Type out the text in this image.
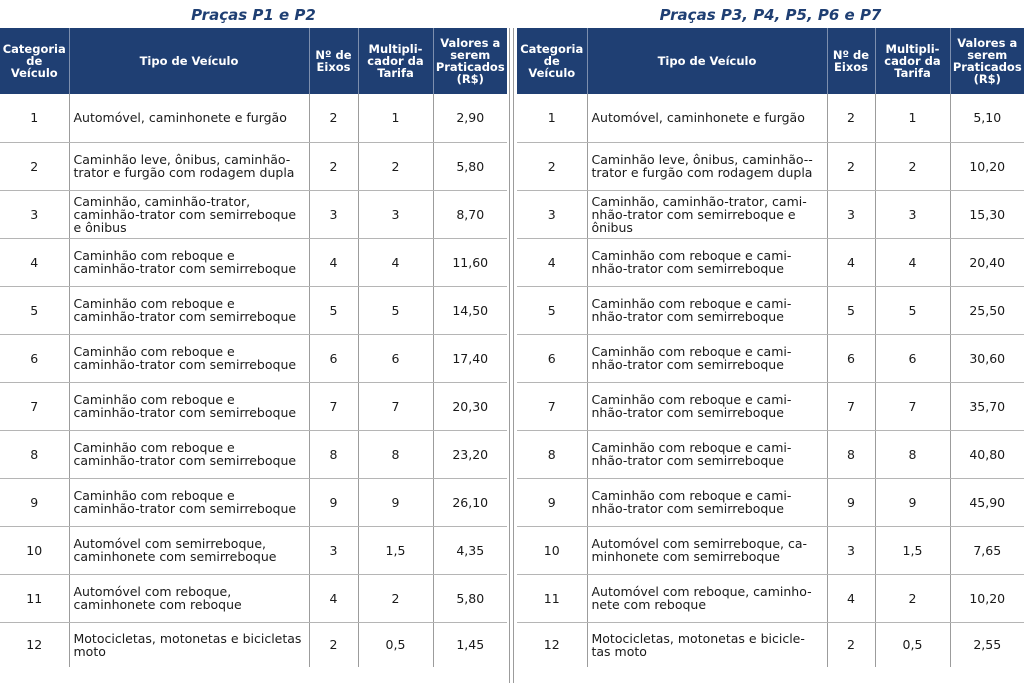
Praças P1 e P2
Categoria de Veículo	Tipo de Veículo	Nº de Eixos	Multipli-cador da Tarifa	Valores a serem Praticados (R$)
1	Automóvel, caminhonete e furgão	2	1	2,90
2	Caminhão leve, ônibus, caminhão-trator e furgão com rodagem dupla	2	2	5,80
3	Caminhão, caminhão-trator, caminhão-trator com semirreboque e ônibus	3	3	8,70
4	Caminhão com reboque e caminhão-trator com semirreboque	4	4	11,60
5	Caminhão com reboque e caminhão-trator com semirreboque	5	5	14,50
6	Caminhão com reboque e caminhão-trator com semirreboque	6	6	17,40
7	Caminhão com reboque e caminhão-trator com semirreboque	7	7	20,30
8	Caminhão com reboque e caminhão-trator com semirreboque	8	8	23,20
9	Caminhão com reboque e caminhão-trator com semirreboque	9	9	26,10
10	Automóvel com semirreboque, caminhonete com semirreboque	3	1,5	4,35
11	Automóvel com reboque, caminhonete com reboque	4	2	5,80
12	Motocicletas, motonetas e bicicletas moto	2	0,5	1,45
Praças P3, P4, P5, P6 e P7
Categoria de Veículo	Tipo de Veículo	Nº de Eixos	Multipli-cador da Tarifa	Valores a serem Praticados (R$)
1	Automóvel, caminhonete e furgão	2	1	5,10
2	Caminhão leve, ônibus, caminhão--trator e furgão com rodagem dupla	2	2	10,20
3	Caminhão, caminhão-trator, cami-nhão-trator com semirreboque e ônibus	3	3	15,30
4	Caminhão com reboque e cami-nhão-trator com semirreboque	4	4	20,40
5	Caminhão com reboque e cami-nhão-trator com semirreboque	5	5	25,50
6	Caminhão com reboque e cami-nhão-trator com semirreboque	6	6	30,60
7	Caminhão com reboque e cami-nhão-trator com semirreboque	7	7	35,70
8	Caminhão com reboque e cami-nhão-trator com semirreboque	8	8	40,80
9	Caminhão com reboque e cami-nhão-trator com semirreboque	9	9	45,90
10	Automóvel com semirreboque, ca-minhonete com semirreboque	3	1,5	7,65
11	Automóvel com reboque, caminho-nete com reboque	4	2	10,20
12	Motocicletas, motonetas e bicicle-tas moto	2	0,5	2,55
